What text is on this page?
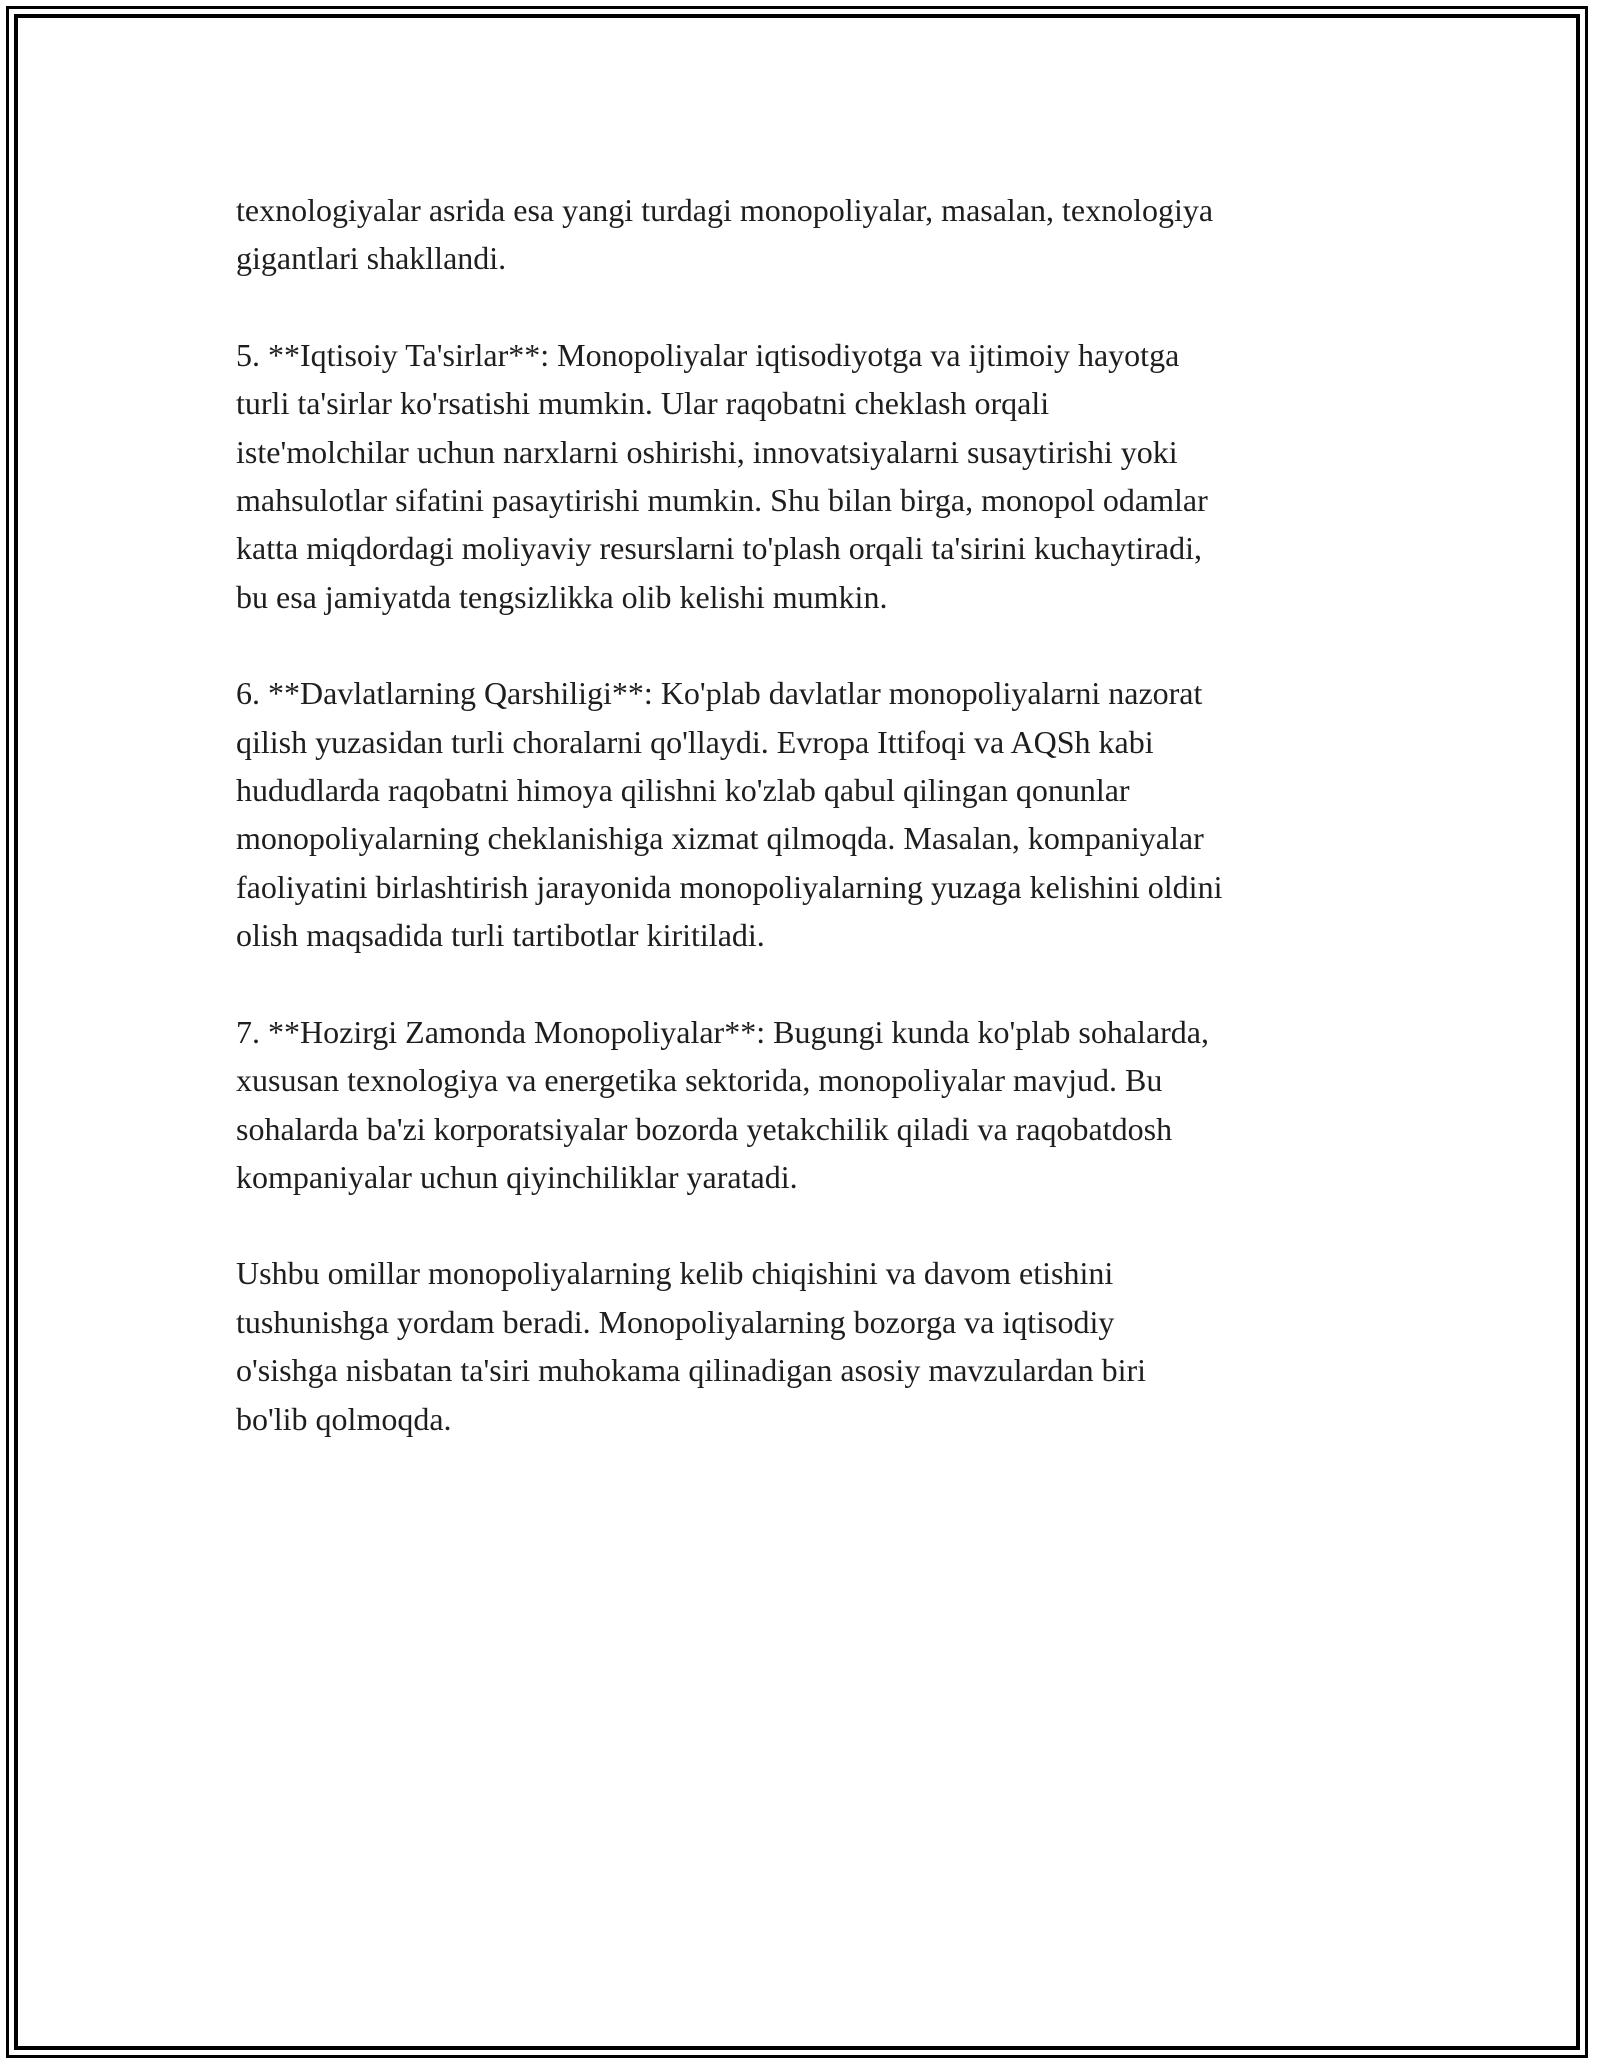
texnologiyalar asrida esa yangi turdagi monopoliyalar, masalan, texnologiya
gigantlari shakllandi.

5. **Iqtisoiy Ta'sirlar**: Monopoliyalar iqtisodiyotga va ijtimoiy hayotga
turli ta'sirlar ko'rsatishi mumkin. Ular raqobatni cheklash orqali
iste'molchilar uchun narxlarni oshirishi, innovatsiyalarni susaytirishi yoki
mahsulotlar sifatini pasaytirishi mumkin. Shu bilan birga, monopol odamlar
katta miqdordagi moliyaviy resurslarni to'plash orqali ta'sirini kuchaytiradi,
bu esa jamiyatda tengsizlikka olib kelishi mumkin.

6. **Davlatlarning Qarshiligi**: Ko'plab davlatlar monopoliyalarni nazorat
qilish yuzasidan turli choralarni qo'llaydi. Evropa Ittifoqi va AQSh kabi
hududlarda raqobatni himoya qilishni ko'zlab qabul qilingan qonunlar
monopoliyalarning cheklanishiga xizmat qilmoqda. Masalan, kompaniyalar
faoliyatini birlashtirish jarayonida monopoliyalarning yuzaga kelishini oldini
olish maqsadida turli tartibotlar kiritiladi.

7. **Hozirgi Zamonda Monopoliyalar**: Bugungi kunda ko'plab sohalarda,
xususan texnologiya va energetika sektorida, monopoliyalar mavjud. Bu
sohalarda ba'zi korporatsiyalar bozorda yetakchilik qiladi va raqobatdosh
kompaniyalar uchun qiyinchiliklar yaratadi.

Ushbu omillar monopoliyalarning kelib chiqishini va davom etishini
tushunishga yordam beradi. Monopoliyalarning bozorga va iqtisodiy
o'sishga nisbatan ta'siri muhokama qilinadigan asosiy mavzulardan biri
bo'lib qolmoqda.
